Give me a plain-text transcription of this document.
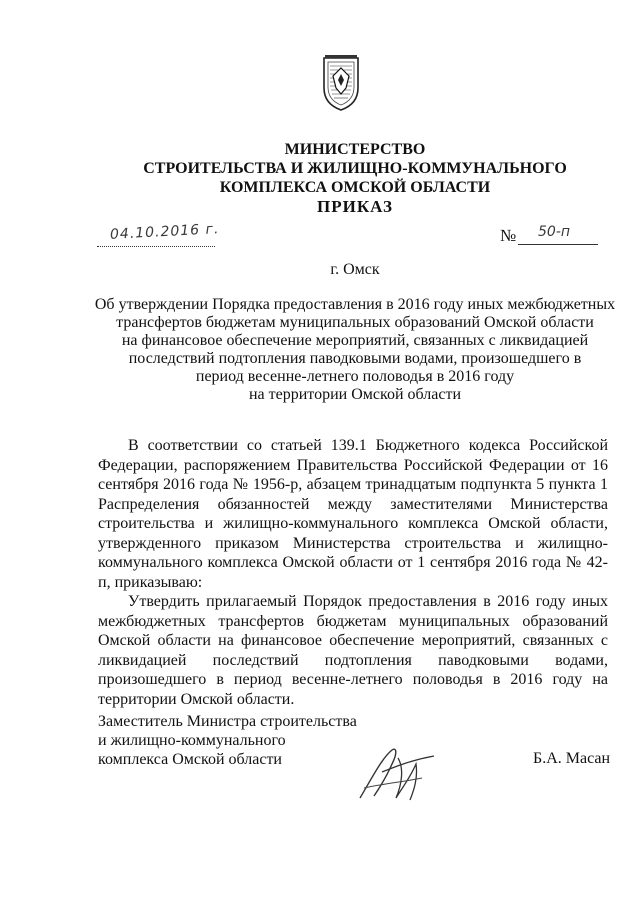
МИНИСТЕРСТВО
СТРОИТЕЛЬСТВА И ЖИЛИЩНО-КОММУНАЛЬНОГО
КОМПЛЕКСА ОМСКОЙ ОБЛАСТИ
ПРИКАЗ
04.10.2016 г.	№ 50-п
г. Омск
Об утверждении Порядка предоставления в 2016 году иных межбюджетных
трансфертов бюджетам муниципальных образований Омской области
на финансовое обеспечение мероприятий, связанных с ликвидацией
последствий подтопления паводковыми водами, произошедшего в
период весенне-летнего половодья в 2016 году
на территории Омской области

В соответствии со статьей 139.1 Бюджетного кодекса Российской Федерации, распоряжением Правительства Российской Федерации от 16 сентября 2016 года № 1956-р, абзацем тринадцатым подпункта 5 пункта 1 Распределения обязанностей между заместителями Министерства строительства и жилищно-коммунального комплекса Омской области, утвержденного приказом Министерства строительства и жилищно-коммунального комплекса Омской области от 1 сентября 2016 года № 42-п, приказываю:

Утвердить прилагаемый Порядок предоставления в 2016 году иных межбюджетных трансфертов бюджетам муниципальных образований Омской области на финансовое обеспечение мероприятий, связанных с ликвидацией последствий подтопления паводковыми водами, произошедшего в период весенне-летнего половодья в 2016 году на территории Омской области.

Заместитель Министра строительства
и жилищно-коммунального
комплекса Омской области	Б.А. Масан
